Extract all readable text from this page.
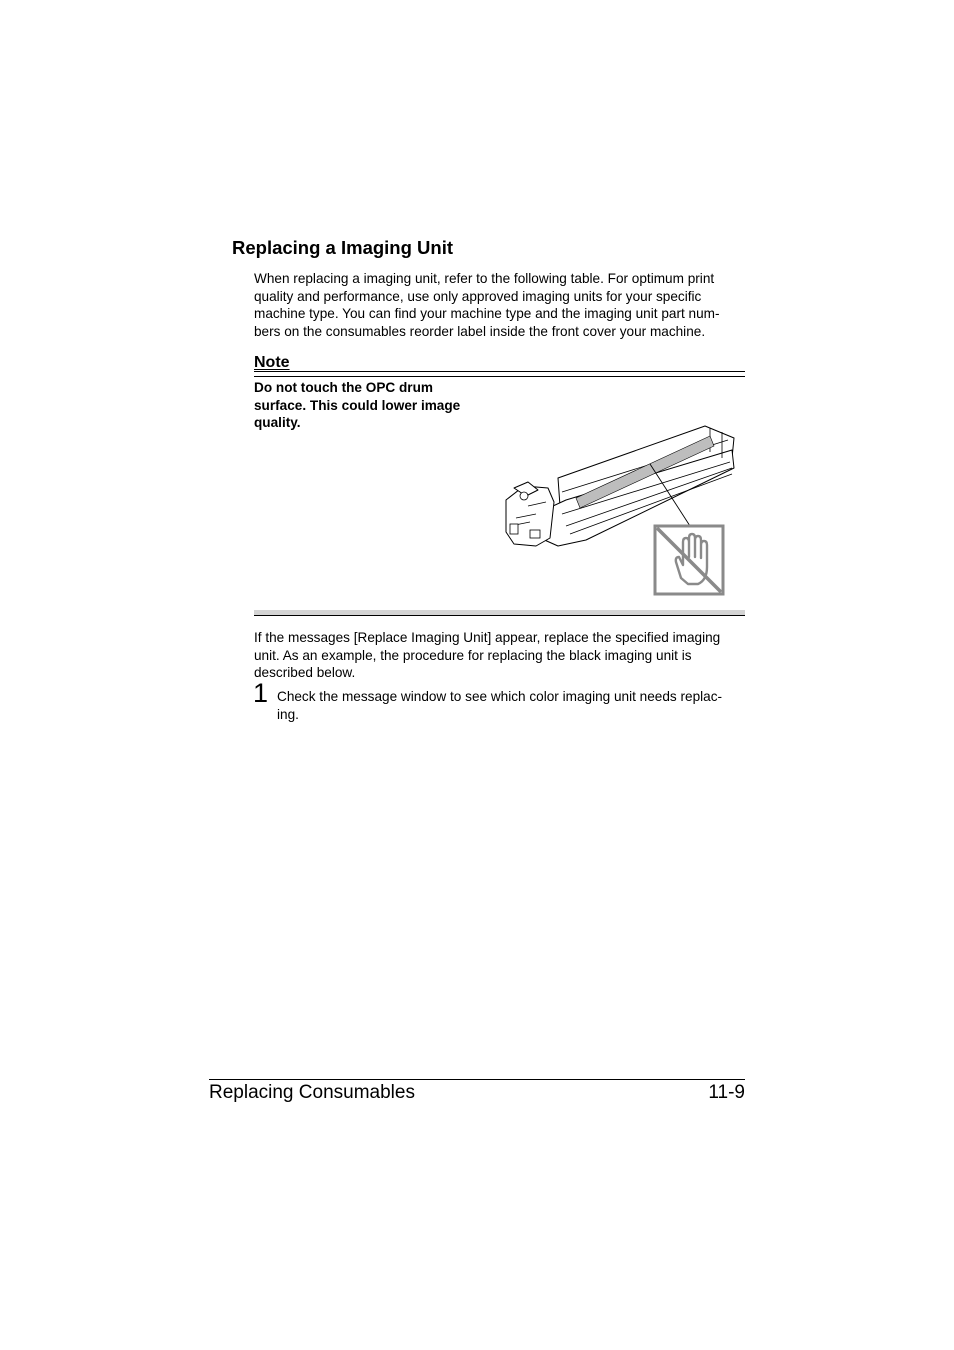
Replacing a Imaging Unit

When replacing a imaging unit, refer to the following table. For optimum print
quality and performance, use only approved imaging units for your specific
machine type. You can find your machine type and the imaging unit part num-
bers on the consumables reorder label inside the front cover your machine.

Note

Do not touch the OPC drum
surface. This could lower image
quality.

If the messages [Replace Imaging Unit] appear, replace the specified imaging
unit. As an example, the procedure for replacing the black imaging unit is
described below.

1 Check the message window to see which color imaging unit needs replac-
ing.

Replacing Consumables	11-9
